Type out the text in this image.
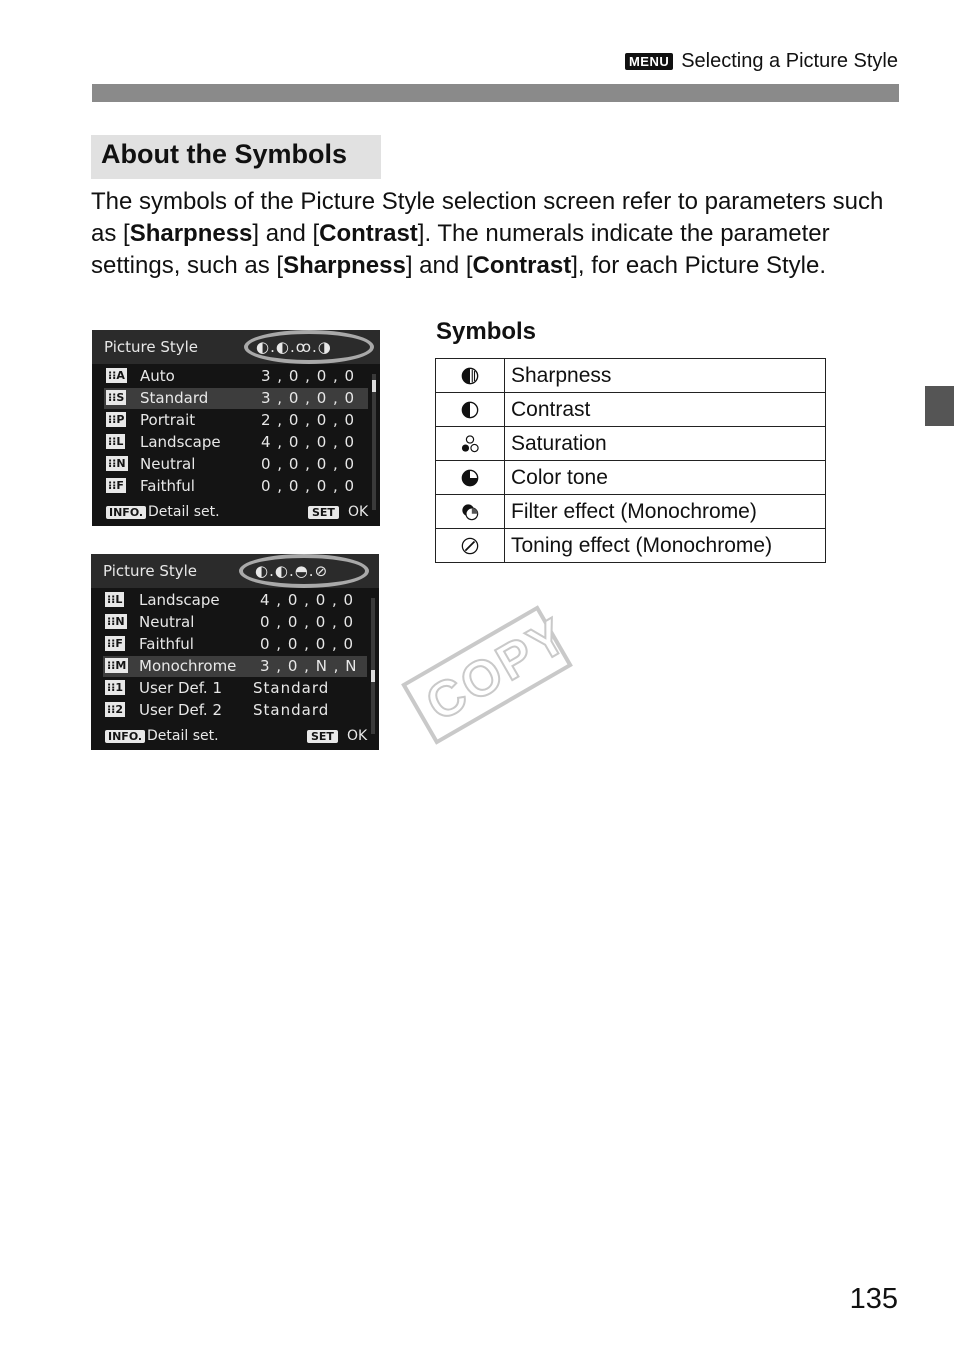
MENU Selecting a Picture Style
About the Symbols
The symbols of the Picture Style selection screen refer to parameters such as [Sharpness] and [Contrast]. The numerals indicate the parameter settings, such as [Sharpness] and [Contrast], for each Picture Style.
Picture Style	◐.◐.ꝏ.◑
⁝⁝A Auto	3 , 0 , 0 , 0
⁝⁝S Standard	3 , 0 , 0 , 0
⁝⁝P Portrait	2 , 0 , 0 , 0
⁝⁝L Landscape	4 , 0 , 0 , 0
⁝⁝N Neutral	0 , 0 , 0 , 0
⁝⁝F Faithful	0 , 0 , 0 , 0
INFO. Detail set.	SET OK
Picture Style	◐.◐.◓.⊘
⁝⁝L Landscape	4 , 0 , 0 , 0
⁝⁝N Neutral	0 , 0 , 0 , 0
⁝⁝F Faithful	0 , 0 , 0 , 0
⁝⁝M Monochrome 3 , 0 , N , N
⁝⁝1 User Def. 1 Standard
⁝⁝2 User Def. 2 Standard
INFO. Detail set.	SET OK
Symbols
	Sharpness
	Contrast
	Saturation
	Color tone
	Filter effect (Monochrome)
	Toning effect (Monochrome)
COPY
135
